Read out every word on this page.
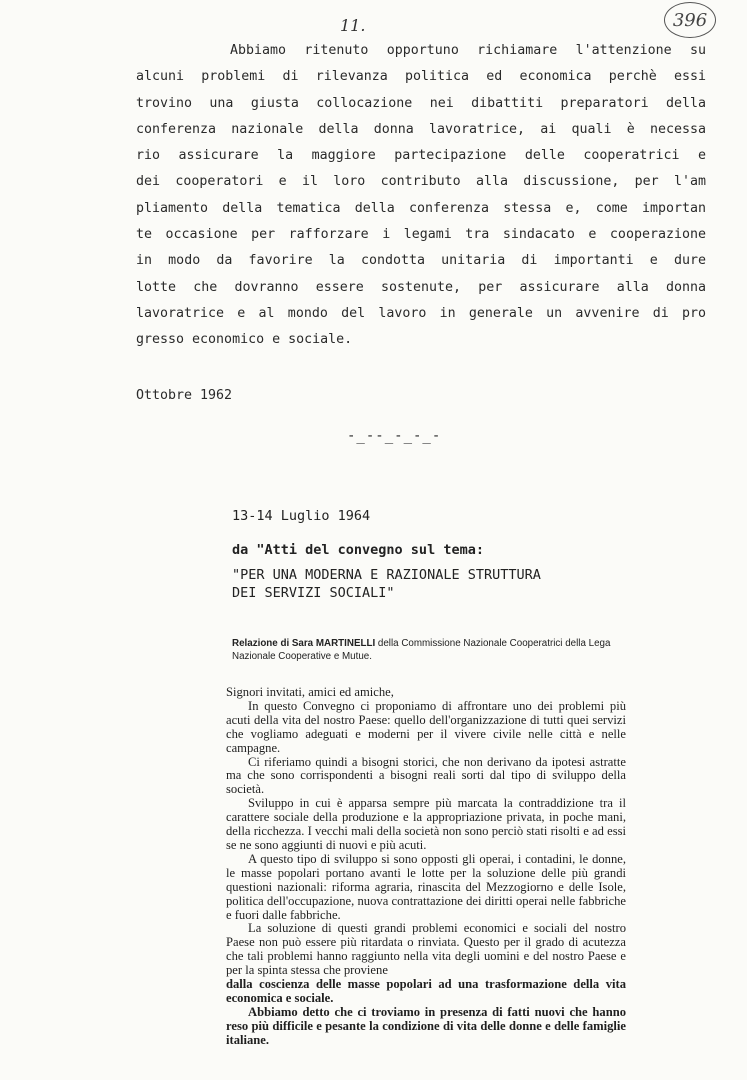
11.	396
Abbiamo ritenuto opportuno richiamare l'attenzione su
alcuni problemi di rilevanza politica ed economica perchè essi
trovino una giusta collocazione nei dibattiti preparatori della
conferenza nazionale della donna lavoratrice, ai quali è necessa
rio assicurare la maggiore partecipazione delle cooperatrici e
dei cooperatori e il loro contributo alla discussione, per l'am
pliamento della tematica della conferenza stessa e, come importan
te occasione per rafforzare i legami tra sindacato e cooperazione
in modo da favorire la condotta unitaria di importanti e dure
lotte che dovranno essere sostenute, per assicurare alla donna
lavoratrice e al mondo del lavoro in generale un avvenire di pro
gresso economico e sociale.
Ottobre 1962
-_--_-_-_-
13-14 Luglio 1964
da "Atti del convegno sul tema:
"PER UNA MODERNA E RAZIONALE STRUTTURA
DEI SERVIZI SOCIALI"
Relazione di Sara MARTINELLI della Commissione Nazionale Cooperatrici della Lega Nazionale Cooperative e Mutue.

Signori invitati, amici ed amiche,

In questo Convegno ci proponiamo di affrontare uno dei problemi più acuti della vita del nostro Paese: quello dell'organizzazione di tutti quei servizi che vogliamo adeguati e moderni per il vivere civile nelle città e nelle campagne.

Ci riferiamo quindi a bisogni storici, che non derivano da ipotesi astratte ma che sono corrispondenti a bisogni reali sorti dal tipo di sviluppo della società.

Sviluppo in cui è apparsa sempre più marcata la contraddizione tra il carattere sociale della produzione e la appropriazione privata, in poche mani, della ricchezza. I vecchi mali della società non sono perciò stati risolti e ad essi se ne sono aggiunti di nuovi e più acuti.

A questo tipo di sviluppo si sono opposti gli operai, i contadini, le donne, le masse popolari portano avanti le lotte per la soluzione delle più grandi questioni nazionali: riforma agraria, rinascita del Mezzogiorno e delle Isole, politica dell'occupazione, nuova contrattazione dei diritti operai nelle fabbriche e fuori dalle fabbriche.

La soluzione di questi grandi problemi economici e sociali del nostro Paese non può essere più ritardata o rinviata. Questo per il grado di acutezza che tali problemi hanno raggiunto nella vita degli uomini e del nostro Paese e per la spinta stessa che proviene

dalla coscienza delle masse popolari ad una trasformazione della vita economica e sociale.

Abbiamo detto che ci troviamo in presenza di fatti nuovi che hanno reso più difficile e pesante la condizione di vita delle donne e delle famiglie italiane.
